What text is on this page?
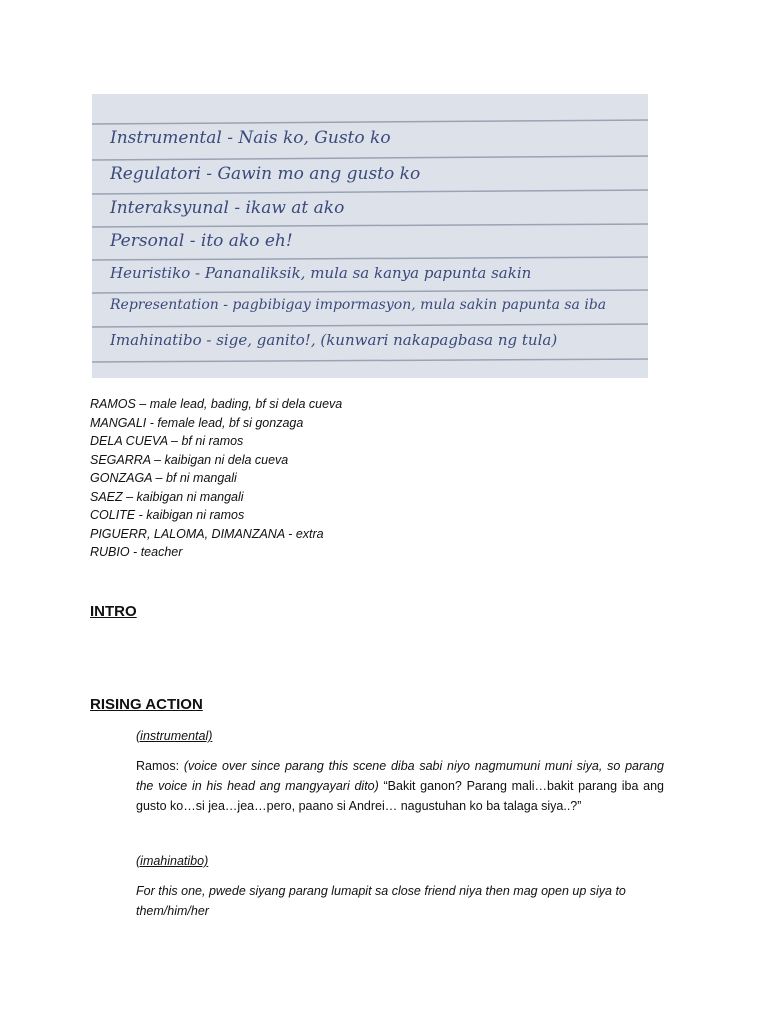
Instrumental - Nais ko, Gusto ko
Regulatori - Gawin mo ang gusto ko
Interaksyunal - ikaw at ako
Personal - ito ako eh!
Heuristiko - Pananaliksik, mula sa kanya papunta sakin
Representation - pagbibigay impormasyon, mula sakin papunta sa iba
Imahinatibo - sige, ganito!, (kunwari nakapagbasa ng tula)
RAMOS – male lead, bading, bf si dela cueva
MANGALI - female lead, bf si gonzaga
DELA CUEVA – bf ni ramos
SEGARRA – kaibigan ni dela cueva
GONZAGA – bf ni mangali
SAEZ – kaibigan ni mangali
COLITE - kaibigan ni ramos
PIGUERR, LALOMA, DIMANZANA - extra
RUBIO - teacher
INTRO
RISING ACTION
(instrumental)

Ramos: (voice over since parang this scene diba sabi niyo nagmumuni muni siya, so parang the voice in his head ang mangyayari dito) “Bakit ganon? Parang mali…bakit parang iba ang gusto ko…si jea…jea…pero, paano si Andrei… nagustuhan ko ba talaga siya..?”

(imahinatibo)

For this one, pwede siyang parang lumapit sa close friend niya then mag open up siya to them/him/her
